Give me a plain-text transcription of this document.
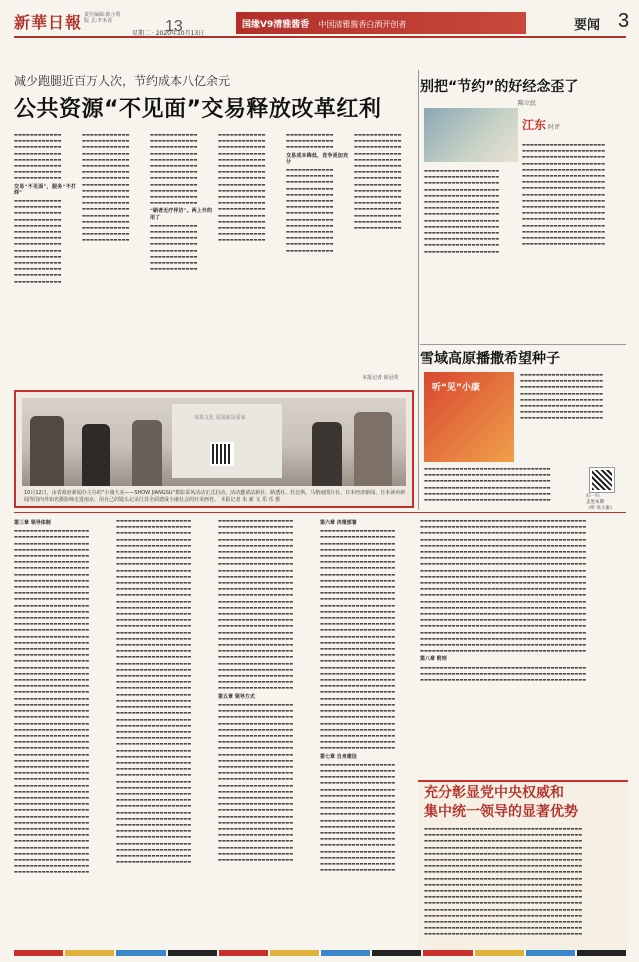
新華日報 责任编辑:陈小凯
版 式:李禾香
星期二 · 2020年10月13日
13	国缘V9清雅酱香 中国清雅酱香白酒开创者	要闻 3
减少跑腿近百万人次，节约成本八亿余元
公共资源“不见面”交易释放改革红利
▬▬▬▬▬▬▬▬▬▬▬▬ ▬▬▬▬▬▬▬▬▬▬▬▬ ▬▬▬▬▬▬▬▬▬▬▬▬ ▬▬▬▬▬▬▬▬▬▬▬▬ ▬▬▬▬▬▬▬▬▬▬▬▬ ▬▬▬▬▬▬▬▬▬▬▬▬ ▬▬▬▬▬▬▬▬▬▬▬▬ ▬▬▬▬▬▬▬▬▬▬▬▬
交易“不见面”，服务“不打烊”
▬▬▬▬▬▬▬▬▬▬▬▬ ▬▬▬▬▬▬▬▬▬▬▬▬ ▬▬▬▬▬▬▬▬▬▬▬▬ ▬▬▬▬▬▬▬▬▬▬▬▬ ▬▬▬▬▬▬▬▬▬▬▬▬ ▬▬▬▬▬▬▬▬▬▬▬▬ ▬▬▬▬▬▬▬▬▬▬▬▬ ▬▬▬▬▬▬▬▬▬▬▬▬ ▬▬▬▬▬▬▬▬▬▬▬▬ ▬▬▬▬▬▬▬▬▬▬▬▬ ▬▬▬▬▬▬▬▬▬▬▬▬ ▬▬▬▬▬▬▬▬▬▬▬▬ ▬▬▬▬▬▬▬▬▬▬▬▬ ▬▬▬▬▬▬▬▬▬▬▬▬
▬▬▬▬▬▬▬▬▬▬▬▬ ▬▬▬▬▬▬▬▬▬▬▬▬ ▬▬▬▬▬▬▬▬▬▬▬▬ ▬▬▬▬▬▬▬▬▬▬▬▬ ▬▬▬▬▬▬▬▬▬▬▬▬ ▬▬▬▬▬▬▬▬▬▬▬▬ ▬▬▬▬▬▬▬▬▬▬▬▬ ▬▬▬▬▬▬▬▬▬▬▬▬ ▬▬▬▬▬▬▬▬▬▬▬▬ ▬▬▬▬▬▬▬▬▬▬▬▬ ▬▬▬▬▬▬▬▬▬▬▬▬ ▬▬▬▬▬▬▬▬▬▬▬▬ ▬▬▬▬▬▬▬▬▬▬▬▬ ▬▬▬▬▬▬▬▬▬▬▬▬ ▬▬▬▬▬▬▬▬▬▬▬▬ ▬▬▬▬▬▬▬▬▬▬▬▬ ▬▬▬▬▬▬▬▬▬▬▬▬ ▬▬▬▬▬▬▬▬▬▬▬▬
▬▬▬▬▬▬▬▬▬▬▬▬ ▬▬▬▬▬▬▬▬▬▬▬▬ ▬▬▬▬▬▬▬▬▬▬▬▬ ▬▬▬▬▬▬▬▬▬▬▬▬ ▬▬▬▬▬▬▬▬▬▬▬▬ ▬▬▬▬▬▬▬▬▬▬▬▬ ▬▬▬▬▬▬▬▬▬▬▬▬ ▬▬▬▬▬▬▬▬▬▬▬▬ ▬▬▬▬▬▬▬▬▬▬▬▬ ▬▬▬▬▬▬▬▬▬▬▬▬ ▬▬▬▬▬▬▬▬▬▬▬▬ ▬▬▬▬▬▬▬▬▬▬▬▬
“刷者无疗伴访”。两上开的用了
▬▬▬▬▬▬▬▬▬▬▬▬ ▬▬▬▬▬▬▬▬▬▬▬▬ ▬▬▬▬▬▬▬▬▬▬▬▬ ▬▬▬▬▬▬▬▬▬▬▬▬ ▬▬▬▬▬▬▬▬▬▬▬▬ ▬▬▬▬▬▬▬▬▬▬▬▬ ▬▬▬▬▬▬▬▬▬▬▬▬ ▬▬▬▬▬▬▬▬▬▬▬▬
▬▬▬▬▬▬▬▬▬▬▬▬ ▬▬▬▬▬▬▬▬▬▬▬▬ ▬▬▬▬▬▬▬▬▬▬▬▬ ▬▬▬▬▬▬▬▬▬▬▬▬ ▬▬▬▬▬▬▬▬▬▬▬▬ ▬▬▬▬▬▬▬▬▬▬▬▬ ▬▬▬▬▬▬▬▬▬▬▬▬ ▬▬▬▬▬▬▬▬▬▬▬▬ ▬▬▬▬▬▬▬▬▬▬▬▬ ▬▬▬▬▬▬▬▬▬▬▬▬ ▬▬▬▬▬▬▬▬▬▬▬▬ ▬▬▬▬▬▬▬▬▬▬▬▬ ▬▬▬▬▬▬▬▬▬▬▬▬ ▬▬▬▬▬▬▬▬▬▬▬▬ ▬▬▬▬▬▬▬▬▬▬▬▬ ▬▬▬▬▬▬▬▬▬▬▬▬ ▬▬▬▬▬▬▬▬▬▬▬▬ ▬▬▬▬▬▬▬▬▬▬▬▬
▬▬▬▬▬▬▬▬▬▬▬▬ ▬▬▬▬▬▬▬▬▬▬▬▬ ▬▬▬▬▬▬▬▬▬▬▬▬
交易成本降低，竞争更加充分
▬▬▬▬▬▬▬▬▬▬▬▬ ▬▬▬▬▬▬▬▬▬▬▬▬ ▬▬▬▬▬▬▬▬▬▬▬▬ ▬▬▬▬▬▬▬▬▬▬▬▬ ▬▬▬▬▬▬▬▬▬▬▬▬ ▬▬▬▬▬▬▬▬▬▬▬▬ ▬▬▬▬▬▬▬▬▬▬▬▬ ▬▬▬▬▬▬▬▬▬▬▬▬ ▬▬▬▬▬▬▬▬▬▬▬▬ ▬▬▬▬▬▬▬▬▬▬▬▬ ▬▬▬▬▬▬▬▬▬▬▬▬ ▬▬▬▬▬▬▬▬▬▬▬▬ ▬▬▬▬▬▬▬▬▬▬▬▬ ▬▬▬▬▬▬▬▬▬▬▬▬
▬▬▬▬▬▬▬▬▬▬▬▬ ▬▬▬▬▬▬▬▬▬▬▬▬ ▬▬▬▬▬▬▬▬▬▬▬▬ ▬▬▬▬▬▬▬▬▬▬▬▬ ▬▬▬▬▬▬▬▬▬▬▬▬ ▬▬▬▬▬▬▬▬▬▬▬▬ ▬▬▬▬▬▬▬▬▬▬▬▬ ▬▬▬▬▬▬▬▬▬▬▬▬ ▬▬▬▬▬▬▬▬▬▬▬▬ ▬▬▬▬▬▬▬▬▬▬▬▬ ▬▬▬▬▬▬▬▬▬▬▬▬ ▬▬▬▬▬▬▬▬▬▬▬▬ ▬▬▬▬▬▬▬▬▬▬▬▬ ▬▬▬▬▬▬▬▬▬▬▬▬ ▬▬▬▬▬▬▬▬▬▬▬▬ ▬▬▬▬▬▬▬▬▬▬▬▬
本报记者 徐冠英
成果文化 爱国就是爱家
10月12日，由省政府新闻办主办的“小康大美——SHOW JIANGSU”摄影采风活动正式启动。活动邀请法新社、路透社、杜比斯、马格南图片社、日本经济新闻、日本读卖新闻等国内外知名摄影师走进南京，用自己的镜头记录江苏全面建成小康社会的壮美画卷。 本报记者 朱 新 文 乐 乐 摄
别把“节约”的好经念歪了
陈立民
江东 时评
▬▬▬▬▬▬▬▬▬▬▬▬▬▬▬▬▬▬▬▬▬ ▬▬▬▬▬▬▬▬▬▬▬▬▬▬▬▬▬▬▬▬▬ ▬▬▬▬▬▬▬▬▬▬▬▬▬▬▬▬▬▬▬▬▬ ▬▬▬▬▬▬▬▬▬▬▬▬▬▬▬▬▬▬▬▬▬ ▬▬▬▬▬▬▬▬▬▬▬▬▬▬▬▬▬▬▬▬▬ ▬▬▬▬▬▬▬▬▬▬▬▬▬▬▬▬▬▬▬▬▬ ▬▬▬▬▬▬▬▬▬▬▬▬▬▬▬▬▬▬▬▬▬ ▬▬▬▬▬▬▬▬▬▬▬▬▬▬▬▬▬▬▬▬▬ ▬▬▬▬▬▬▬▬▬▬▬▬▬▬▬▬▬▬▬▬▬ ▬▬▬▬▬▬▬▬▬▬▬▬▬▬▬▬▬▬▬▬▬ ▬▬▬▬▬▬▬▬▬▬▬▬▬▬▬▬▬▬▬▬▬ ▬▬▬▬▬▬▬▬▬▬▬▬▬▬▬▬▬▬▬▬▬ ▬▬▬▬▬▬▬▬▬▬▬▬▬▬▬▬▬▬▬▬▬ ▬▬▬▬▬▬▬▬▬▬▬▬▬▬▬▬▬▬▬▬▬ ▬▬▬▬▬▬▬▬▬▬▬▬▬▬▬▬▬▬▬▬▬ ▬▬▬▬▬▬▬▬▬▬▬▬▬▬▬▬▬▬▬▬▬ ▬▬▬▬▬▬▬▬▬▬▬▬▬▬▬▬▬▬▬▬▬
▬▬▬▬▬▬▬▬▬▬▬▬▬▬▬▬▬▬▬ ▬▬▬▬▬▬▬▬▬▬▬▬▬▬▬▬▬▬▬ ▬▬▬▬▬▬▬▬▬▬▬▬▬▬▬▬▬▬▬ ▬▬▬▬▬▬▬▬▬▬▬▬▬▬▬▬▬▬▬ ▬▬▬▬▬▬▬▬▬▬▬▬▬▬▬▬▬▬▬ ▬▬▬▬▬▬▬▬▬▬▬▬▬▬▬▬▬▬▬ ▬▬▬▬▬▬▬▬▬▬▬▬▬▬▬▬▬▬▬ ▬▬▬▬▬▬▬▬▬▬▬▬▬▬▬▬▬▬▬ ▬▬▬▬▬▬▬▬▬▬▬▬▬▬▬▬▬▬▬ ▬▬▬▬▬▬▬▬▬▬▬▬▬▬▬▬▬▬▬ ▬▬▬▬▬▬▬▬▬▬▬▬▬▬▬▬▬▬▬ ▬▬▬▬▬▬▬▬▬▬▬▬▬▬▬▬▬▬▬ ▬▬▬▬▬▬▬▬▬▬▬▬▬▬▬▬▬▬▬ ▬▬▬▬▬▬▬▬▬▬▬▬▬▬▬▬▬▬▬
雪域高原播撒希望种子
听“见”小康
▬▬▬▬▬▬▬▬▬▬▬▬▬▬▬▬▬▬▬▬▬ ▬▬▬▬▬▬▬▬▬▬▬▬▬▬▬▬▬▬▬▬▬ ▬▬▬▬▬▬▬▬▬▬▬▬▬▬▬▬▬▬▬▬▬ ▬▬▬▬▬▬▬▬▬▬▬▬▬▬▬▬▬▬▬▬▬ ▬▬▬▬▬▬▬▬▬▬▬▬▬▬▬▬▬▬▬▬▬ ▬▬▬▬▬▬▬▬▬▬▬▬▬▬▬▬▬▬▬▬▬ ▬▬▬▬▬▬▬▬▬▬▬▬▬▬▬▬▬▬▬▬▬ ▬▬▬▬▬▬▬▬▬▬▬▬▬▬▬▬▬▬▬▬▬
▬▬▬▬▬▬▬▬▬▬▬▬▬▬▬▬▬▬▬▬▬▬▬▬▬▬▬▬▬▬▬▬ ▬▬▬▬▬▬▬▬▬▬▬▬▬▬▬▬▬▬▬▬▬▬▬▬▬▬▬▬▬▬▬▬ ▬▬▬▬▬▬▬▬▬▬▬▬▬▬▬▬▬▬▬▬▬▬▬▬▬▬▬▬▬▬▬▬ ▬▬▬▬▬▬▬▬▬▬▬▬▬▬▬▬▬▬▬▬▬▬▬▬▬▬▬▬▬▬▬▬ ▬▬▬▬▬▬▬▬▬▬▬▬▬▬▬▬▬▬▬▬▬▬▬▬▬▬▬▬▬▬▬▬ ▬▬▬▬▬▬▬▬▬▬▬▬▬▬▬▬▬▬▬▬▬▬▬▬▬▬▬▬▬▬▬▬
扫一扫
走进本期
《听·见小康》
第三章 领导体制
▬▬▬▬▬▬▬▬▬▬▬▬▬▬▬▬▬▬▬ ▬▬▬▬▬▬▬▬▬▬▬▬▬▬▬▬▬▬▬ ▬▬▬▬▬▬▬▬▬▬▬▬▬▬▬▬▬▬▬ ▬▬▬▬▬▬▬▬▬▬▬▬▬▬▬▬▬▬▬ ▬▬▬▬▬▬▬▬▬▬▬▬▬▬▬▬▬▬▬ ▬▬▬▬▬▬▬▬▬▬▬▬▬▬▬▬▬▬▬ ▬▬▬▬▬▬▬▬▬▬▬▬▬▬▬▬▬▬▬ ▬▬▬▬▬▬▬▬▬▬▬▬▬▬▬▬▬▬▬ ▬▬▬▬▬▬▬▬▬▬▬▬▬▬▬▬▬▬▬ ▬▬▬▬▬▬▬▬▬▬▬▬▬▬▬▬▬▬▬ ▬▬▬▬▬▬▬▬▬▬▬▬▬▬▬▬▬▬▬ ▬▬▬▬▬▬▬▬▬▬▬▬▬▬▬▬▬▬▬ ▬▬▬▬▬▬▬▬▬▬▬▬▬▬▬▬▬▬▬ ▬▬▬▬▬▬▬▬▬▬▬▬▬▬▬▬▬▬▬ ▬▬▬▬▬▬▬▬▬▬▬▬▬▬▬▬▬▬▬ ▬▬▬▬▬▬▬▬▬▬▬▬▬▬▬▬▬▬▬ ▬▬▬▬▬▬▬▬▬▬▬▬▬▬▬▬▬▬▬ ▬▬▬▬▬▬▬▬▬▬▬▬▬▬▬▬▬▬▬ ▬▬▬▬▬▬▬▬▬▬▬▬▬▬▬▬▬▬▬ ▬▬▬▬▬▬▬▬▬▬▬▬▬▬▬▬▬▬▬ ▬▬▬▬▬▬▬▬▬▬▬▬▬▬▬▬▬▬▬ ▬▬▬▬▬▬▬▬▬▬▬▬▬▬▬▬▬▬▬ ▬▬▬▬▬▬▬▬▬▬▬▬▬▬▬▬▬▬▬ ▬▬▬▬▬▬▬▬▬▬▬▬▬▬▬▬▬▬▬ ▬▬▬▬▬▬▬▬▬▬▬▬▬▬▬▬▬▬▬ ▬▬▬▬▬▬▬▬▬▬▬▬▬▬▬▬▬▬▬ ▬▬▬▬▬▬▬▬▬▬▬▬▬▬▬▬▬▬▬ ▬▬▬▬▬▬▬▬▬▬▬▬▬▬▬▬▬▬▬ ▬▬▬▬▬▬▬▬▬▬▬▬▬▬▬▬▬▬▬ ▬▬▬▬▬▬▬▬▬▬▬▬▬▬▬▬▬▬▬ ▬▬▬▬▬▬▬▬▬▬▬▬▬▬▬▬▬▬▬ ▬▬▬▬▬▬▬▬▬▬▬▬▬▬▬▬▬▬▬ ▬▬▬▬▬▬▬▬▬▬▬▬▬▬▬▬▬▬▬ ▬▬▬▬▬▬▬▬▬▬▬▬▬▬▬▬▬▬▬ ▬▬▬▬▬▬▬▬▬▬▬▬▬▬▬▬▬▬▬ ▬▬▬▬▬▬▬▬▬▬▬▬▬▬▬▬▬▬▬ ▬▬▬▬▬▬▬▬▬▬▬▬▬▬▬▬▬▬▬ ▬▬▬▬▬▬▬▬▬▬▬▬▬▬▬▬▬▬▬ ▬▬▬▬▬▬▬▬▬▬▬▬▬▬▬▬▬▬▬ ▬▬▬▬▬▬▬▬▬▬▬▬▬▬▬▬▬▬▬ ▬▬▬▬▬▬▬▬▬▬▬▬▬▬▬▬▬▬▬ ▬▬▬▬▬▬▬▬▬▬▬▬▬▬▬▬▬▬▬ ▬▬▬▬▬▬▬▬▬▬▬▬▬▬▬▬▬▬▬ ▬▬▬▬▬▬▬▬▬▬▬▬▬▬▬▬▬▬▬ ▬▬▬▬▬▬▬▬▬▬▬▬▬▬▬▬▬▬▬ ▬▬▬▬▬▬▬▬▬▬▬▬▬▬▬▬▬▬▬ ▬▬▬▬▬▬▬▬▬▬▬▬▬▬▬▬▬▬▬ ▬▬▬▬▬▬▬▬▬▬▬▬▬▬▬▬▬▬▬ ▬▬▬▬▬▬▬▬▬▬▬▬▬▬▬▬▬▬▬ ▬▬▬▬▬▬▬▬▬▬▬▬▬▬▬▬▬▬▬ ▬▬▬▬▬▬▬▬▬▬▬▬▬▬▬▬▬▬▬ ▬▬▬▬▬▬▬▬▬▬▬▬▬▬▬▬▬▬▬ ▬▬▬▬▬▬▬▬▬▬▬▬▬▬▬▬▬▬▬ ▬▬▬▬▬▬▬▬▬▬▬▬▬▬▬▬▬▬▬ ▬▬▬▬▬▬▬▬▬▬▬▬▬▬▬▬▬▬▬ ▬▬▬▬▬▬▬▬▬▬▬▬▬▬▬▬▬▬▬
▬▬▬▬▬▬▬▬▬▬▬▬▬▬▬▬▬▬▬ ▬▬▬▬▬▬▬▬▬▬▬▬▬▬▬▬▬▬▬ ▬▬▬▬▬▬▬▬▬▬▬▬▬▬▬▬▬▬▬ ▬▬▬▬▬▬▬▬▬▬▬▬▬▬▬▬▬▬▬ ▬▬▬▬▬▬▬▬▬▬▬▬▬▬▬▬▬▬▬ ▬▬▬▬▬▬▬▬▬▬▬▬▬▬▬▬▬▬▬ ▬▬▬▬▬▬▬▬▬▬▬▬▬▬▬▬▬▬▬ ▬▬▬▬▬▬▬▬▬▬▬▬▬▬▬▬▬▬▬ ▬▬▬▬▬▬▬▬▬▬▬▬▬▬▬▬▬▬▬ ▬▬▬▬▬▬▬▬▬▬▬▬▬▬▬▬▬▬▬ ▬▬▬▬▬▬▬▬▬▬▬▬▬▬▬▬▬▬▬ ▬▬▬▬▬▬▬▬▬▬▬▬▬▬▬▬▬▬▬ ▬▬▬▬▬▬▬▬▬▬▬▬▬▬▬▬▬▬▬ ▬▬▬▬▬▬▬▬▬▬▬▬▬▬▬▬▬▬▬ ▬▬▬▬▬▬▬▬▬▬▬▬▬▬▬▬▬▬▬ ▬▬▬▬▬▬▬▬▬▬▬▬▬▬▬▬▬▬▬ ▬▬▬▬▬▬▬▬▬▬▬▬▬▬▬▬▬▬▬ ▬▬▬▬▬▬▬▬▬▬▬▬▬▬▬▬▬▬▬ ▬▬▬▬▬▬▬▬▬▬▬▬▬▬▬▬▬▬▬ ▬▬▬▬▬▬▬▬▬▬▬▬▬▬▬▬▬▬▬ ▬▬▬▬▬▬▬▬▬▬▬▬▬▬▬▬▬▬▬ ▬▬▬▬▬▬▬▬▬▬▬▬▬▬▬▬▬▬▬ ▬▬▬▬▬▬▬▬▬▬▬▬▬▬▬▬▬▬▬ ▬▬▬▬▬▬▬▬▬▬▬▬▬▬▬▬▬▬▬ ▬▬▬▬▬▬▬▬▬▬▬▬▬▬▬▬▬▬▬ ▬▬▬▬▬▬▬▬▬▬▬▬▬▬▬▬▬▬▬ ▬▬▬▬▬▬▬▬▬▬▬▬▬▬▬▬▬▬▬ ▬▬▬▬▬▬▬▬▬▬▬▬▬▬▬▬▬▬▬ ▬▬▬▬▬▬▬▬▬▬▬▬▬▬▬▬▬▬▬ ▬▬▬▬▬▬▬▬▬▬▬▬▬▬▬▬▬▬▬ ▬▬▬▬▬▬▬▬▬▬▬▬▬▬▬▬▬▬▬ ▬▬▬▬▬▬▬▬▬▬▬▬▬▬▬▬▬▬▬ ▬▬▬▬▬▬▬▬▬▬▬▬▬▬▬▬▬▬▬ ▬▬▬▬▬▬▬▬▬▬▬▬▬▬▬▬▬▬▬ ▬▬▬▬▬▬▬▬▬▬▬▬▬▬▬▬▬▬▬ ▬▬▬▬▬▬▬▬▬▬▬▬▬▬▬▬▬▬▬ ▬▬▬▬▬▬▬▬▬▬▬▬▬▬▬▬▬▬▬ ▬▬▬▬▬▬▬▬▬▬▬▬▬▬▬▬▬▬▬ ▬▬▬▬▬▬▬▬▬▬▬▬▬▬▬▬▬▬▬ ▬▬▬▬▬▬▬▬▬▬▬▬▬▬▬▬▬▬▬ ▬▬▬▬▬▬▬▬▬▬▬▬▬▬▬▬▬▬▬ ▬▬▬▬▬▬▬▬▬▬▬▬▬▬▬▬▬▬▬ ▬▬▬▬▬▬▬▬▬▬▬▬▬▬▬▬▬▬▬ ▬▬▬▬▬▬▬▬▬▬▬▬▬▬▬▬▬▬▬ ▬▬▬▬▬▬▬▬▬▬▬▬▬▬▬▬▬▬▬ ▬▬▬▬▬▬▬▬▬▬▬▬▬▬▬▬▬▬▬ ▬▬▬▬▬▬▬▬▬▬▬▬▬▬▬▬▬▬▬ ▬▬▬▬▬▬▬▬▬▬▬▬▬▬▬▬▬▬▬ ▬▬▬▬▬▬▬▬▬▬▬▬▬▬▬▬▬▬▬ ▬▬▬▬▬▬▬▬▬▬▬▬▬▬▬▬▬▬▬ ▬▬▬▬▬▬▬▬▬▬▬▬▬▬▬▬▬▬▬ ▬▬▬▬▬▬▬▬▬▬▬▬▬▬▬▬▬▬▬ ▬▬▬▬▬▬▬▬▬▬▬▬▬▬▬▬▬▬▬ ▬▬▬▬▬▬▬▬▬▬▬▬▬▬▬▬▬▬▬ ▬▬▬▬▬▬▬▬▬▬▬▬▬▬▬▬▬▬▬ ▬▬▬▬▬▬▬▬▬▬▬▬▬▬▬▬▬▬▬
▬▬▬▬▬▬▬▬▬▬▬▬▬▬▬▬▬▬▬ ▬▬▬▬▬▬▬▬▬▬▬▬▬▬▬▬▬▬▬ ▬▬▬▬▬▬▬▬▬▬▬▬▬▬▬▬▬▬▬ ▬▬▬▬▬▬▬▬▬▬▬▬▬▬▬▬▬▬▬ ▬▬▬▬▬▬▬▬▬▬▬▬▬▬▬▬▬▬▬ ▬▬▬▬▬▬▬▬▬▬▬▬▬▬▬▬▬▬▬ ▬▬▬▬▬▬▬▬▬▬▬▬▬▬▬▬▬▬▬ ▬▬▬▬▬▬▬▬▬▬▬▬▬▬▬▬▬▬▬ ▬▬▬▬▬▬▬▬▬▬▬▬▬▬▬▬▬▬▬ ▬▬▬▬▬▬▬▬▬▬▬▬▬▬▬▬▬▬▬ ▬▬▬▬▬▬▬▬▬▬▬▬▬▬▬▬▬▬▬ ▬▬▬▬▬▬▬▬▬▬▬▬▬▬▬▬▬▬▬ ▬▬▬▬▬▬▬▬▬▬▬▬▬▬▬▬▬▬▬ ▬▬▬▬▬▬▬▬▬▬▬▬▬▬▬▬▬▬▬ ▬▬▬▬▬▬▬▬▬▬▬▬▬▬▬▬▬▬▬ ▬▬▬▬▬▬▬▬▬▬▬▬▬▬▬▬▬▬▬ ▬▬▬▬▬▬▬▬▬▬▬▬▬▬▬▬▬▬▬ ▬▬▬▬▬▬▬▬▬▬▬▬▬▬▬▬▬▬▬ ▬▬▬▬▬▬▬▬▬▬▬▬▬▬▬▬▬▬▬ ▬▬▬▬▬▬▬▬▬▬▬▬▬▬▬▬▬▬▬ ▬▬▬▬▬▬▬▬▬▬▬▬▬▬▬▬▬▬▬ ▬▬▬▬▬▬▬▬▬▬▬▬▬▬▬▬▬▬▬ ▬▬▬▬▬▬▬▬▬▬▬▬▬▬▬▬▬▬▬ ▬▬▬▬▬▬▬▬▬▬▬▬▬▬▬▬▬▬▬ ▬▬▬▬▬▬▬▬▬▬▬▬▬▬▬▬▬▬▬ ▬▬▬▬▬▬▬▬▬▬▬▬▬▬▬▬▬▬▬ ▬▬▬▬▬▬▬▬▬▬▬▬▬▬▬▬▬▬▬ ▬▬▬▬▬▬▬▬▬▬▬▬▬▬▬▬▬▬▬
第五章 领导方式
▬▬▬▬▬▬▬▬▬▬▬▬▬▬▬▬▬▬▬ ▬▬▬▬▬▬▬▬▬▬▬▬▬▬▬▬▬▬▬ ▬▬▬▬▬▬▬▬▬▬▬▬▬▬▬▬▬▬▬ ▬▬▬▬▬▬▬▬▬▬▬▬▬▬▬▬▬▬▬ ▬▬▬▬▬▬▬▬▬▬▬▬▬▬▬▬▬▬▬ ▬▬▬▬▬▬▬▬▬▬▬▬▬▬▬▬▬▬▬ ▬▬▬▬▬▬▬▬▬▬▬▬▬▬▬▬▬▬▬ ▬▬▬▬▬▬▬▬▬▬▬▬▬▬▬▬▬▬▬ ▬▬▬▬▬▬▬▬▬▬▬▬▬▬▬▬▬▬▬ ▬▬▬▬▬▬▬▬▬▬▬▬▬▬▬▬▬▬▬ ▬▬▬▬▬▬▬▬▬▬▬▬▬▬▬▬▬▬▬ ▬▬▬▬▬▬▬▬▬▬▬▬▬▬▬▬▬▬▬ ▬▬▬▬▬▬▬▬▬▬▬▬▬▬▬▬▬▬▬ ▬▬▬▬▬▬▬▬▬▬▬▬▬▬▬▬▬▬▬ ▬▬▬▬▬▬▬▬▬▬▬▬▬▬▬▬▬▬▬ ▬▬▬▬▬▬▬▬▬▬▬▬▬▬▬▬▬▬▬ ▬▬▬▬▬▬▬▬▬▬▬▬▬▬▬▬▬▬▬ ▬▬▬▬▬▬▬▬▬▬▬▬▬▬▬▬▬▬▬ ▬▬▬▬▬▬▬▬▬▬▬▬▬▬▬▬▬▬▬ ▬▬▬▬▬▬▬▬▬▬▬▬▬▬▬▬▬▬▬ ▬▬▬▬▬▬▬▬▬▬▬▬▬▬▬▬▬▬▬ ▬▬▬▬▬▬▬▬▬▬▬▬▬▬▬▬▬▬▬ ▬▬▬▬▬▬▬▬▬▬▬▬▬▬▬▬▬▬▬ ▬▬▬▬▬▬▬▬▬▬▬▬▬▬▬▬▬▬▬ ▬▬▬▬▬▬▬▬▬▬▬▬▬▬▬▬▬▬▬ ▬▬▬▬▬▬▬▬▬▬▬▬▬▬▬▬▬▬▬
第六章 决策部署
▬▬▬▬▬▬▬▬▬▬▬▬▬▬▬▬▬▬▬ ▬▬▬▬▬▬▬▬▬▬▬▬▬▬▬▬▬▬▬ ▬▬▬▬▬▬▬▬▬▬▬▬▬▬▬▬▬▬▬ ▬▬▬▬▬▬▬▬▬▬▬▬▬▬▬▬▬▬▬ ▬▬▬▬▬▬▬▬▬▬▬▬▬▬▬▬▬▬▬ ▬▬▬▬▬▬▬▬▬▬▬▬▬▬▬▬▬▬▬ ▬▬▬▬▬▬▬▬▬▬▬▬▬▬▬▬▬▬▬ ▬▬▬▬▬▬▬▬▬▬▬▬▬▬▬▬▬▬▬ ▬▬▬▬▬▬▬▬▬▬▬▬▬▬▬▬▬▬▬ ▬▬▬▬▬▬▬▬▬▬▬▬▬▬▬▬▬▬▬ ▬▬▬▬▬▬▬▬▬▬▬▬▬▬▬▬▬▬▬ ▬▬▬▬▬▬▬▬▬▬▬▬▬▬▬▬▬▬▬ ▬▬▬▬▬▬▬▬▬▬▬▬▬▬▬▬▬▬▬ ▬▬▬▬▬▬▬▬▬▬▬▬▬▬▬▬▬▬▬ ▬▬▬▬▬▬▬▬▬▬▬▬▬▬▬▬▬▬▬ ▬▬▬▬▬▬▬▬▬▬▬▬▬▬▬▬▬▬▬ ▬▬▬▬▬▬▬▬▬▬▬▬▬▬▬▬▬▬▬ ▬▬▬▬▬▬▬▬▬▬▬▬▬▬▬▬▬▬▬ ▬▬▬▬▬▬▬▬▬▬▬▬▬▬▬▬▬▬▬ ▬▬▬▬▬▬▬▬▬▬▬▬▬▬▬▬▬▬▬ ▬▬▬▬▬▬▬▬▬▬▬▬▬▬▬▬▬▬▬ ▬▬▬▬▬▬▬▬▬▬▬▬▬▬▬▬▬▬▬ ▬▬▬▬▬▬▬▬▬▬▬▬▬▬▬▬▬▬▬ ▬▬▬▬▬▬▬▬▬▬▬▬▬▬▬▬▬▬▬ ▬▬▬▬▬▬▬▬▬▬▬▬▬▬▬▬▬▬▬ ▬▬▬▬▬▬▬▬▬▬▬▬▬▬▬▬▬▬▬ ▬▬▬▬▬▬▬▬▬▬▬▬▬▬▬▬▬▬▬ ▬▬▬▬▬▬▬▬▬▬▬▬▬▬▬▬▬▬▬ ▬▬▬▬▬▬▬▬▬▬▬▬▬▬▬▬▬▬▬ ▬▬▬▬▬▬▬▬▬▬▬▬▬▬▬▬▬▬▬ ▬▬▬▬▬▬▬▬▬▬▬▬▬▬▬▬▬▬▬ ▬▬▬▬▬▬▬▬▬▬▬▬▬▬▬▬▬▬▬ ▬▬▬▬▬▬▬▬▬▬▬▬▬▬▬▬▬▬▬ ▬▬▬▬▬▬▬▬▬▬▬▬▬▬▬▬▬▬▬ ▬▬▬▬▬▬▬▬▬▬▬▬▬▬▬▬▬▬▬ ▬▬▬▬▬▬▬▬▬▬▬▬▬▬▬▬▬▬▬
第七章 自身建设
▬▬▬▬▬▬▬▬▬▬▬▬▬▬▬▬▬▬▬ ▬▬▬▬▬▬▬▬▬▬▬▬▬▬▬▬▬▬▬ ▬▬▬▬▬▬▬▬▬▬▬▬▬▬▬▬▬▬▬ ▬▬▬▬▬▬▬▬▬▬▬▬▬▬▬▬▬▬▬ ▬▬▬▬▬▬▬▬▬▬▬▬▬▬▬▬▬▬▬ ▬▬▬▬▬▬▬▬▬▬▬▬▬▬▬▬▬▬▬ ▬▬▬▬▬▬▬▬▬▬▬▬▬▬▬▬▬▬▬ ▬▬▬▬▬▬▬▬▬▬▬▬▬▬▬▬▬▬▬ ▬▬▬▬▬▬▬▬▬▬▬▬▬▬▬▬▬▬▬ ▬▬▬▬▬▬▬▬▬▬▬▬▬▬▬▬▬▬▬ ▬▬▬▬▬▬▬▬▬▬▬▬▬▬▬▬▬▬▬ ▬▬▬▬▬▬▬▬▬▬▬▬▬▬▬▬▬▬▬ ▬▬▬▬▬▬▬▬▬▬▬▬▬▬▬▬▬▬▬ ▬▬▬▬▬▬▬▬▬▬▬▬▬▬▬▬▬▬▬ ▬▬▬▬▬▬▬▬▬▬▬▬▬▬▬▬▬▬▬ ▬▬▬▬▬▬▬▬▬▬▬▬▬▬▬▬▬▬▬ ▬▬▬▬▬▬▬▬▬▬▬▬▬▬▬▬▬▬▬ ▬▬▬▬▬▬▬▬▬▬▬▬▬▬▬▬▬▬▬
▬▬▬▬▬▬▬▬▬▬▬▬▬▬▬▬▬▬▬▬▬▬▬▬▬▬▬▬▬▬▬▬▬▬▬▬▬▬▬▬▬▬ ▬▬▬▬▬▬▬▬▬▬▬▬▬▬▬▬▬▬▬▬▬▬▬▬▬▬▬▬▬▬▬▬▬▬▬▬▬▬▬▬▬▬ ▬▬▬▬▬▬▬▬▬▬▬▬▬▬▬▬▬▬▬▬▬▬▬▬▬▬▬▬▬▬▬▬▬▬▬▬▬▬▬▬▬▬ ▬▬▬▬▬▬▬▬▬▬▬▬▬▬▬▬▬▬▬▬▬▬▬▬▬▬▬▬▬▬▬▬▬▬▬▬▬▬▬▬▬▬ ▬▬▬▬▬▬▬▬▬▬▬▬▬▬▬▬▬▬▬▬▬▬▬▬▬▬▬▬▬▬▬▬▬▬▬▬▬▬▬▬▬▬ ▬▬▬▬▬▬▬▬▬▬▬▬▬▬▬▬▬▬▬▬▬▬▬▬▬▬▬▬▬▬▬▬▬▬▬▬▬▬▬▬▬▬ ▬▬▬▬▬▬▬▬▬▬▬▬▬▬▬▬▬▬▬▬▬▬▬▬▬▬▬▬▬▬▬▬▬▬▬▬▬▬▬▬▬▬ ▬▬▬▬▬▬▬▬▬▬▬▬▬▬▬▬▬▬▬▬▬▬▬▬▬▬▬▬▬▬▬▬▬▬▬▬▬▬▬▬▬▬ ▬▬▬▬▬▬▬▬▬▬▬▬▬▬▬▬▬▬▬▬▬▬▬▬▬▬▬▬▬▬▬▬▬▬▬▬▬▬▬▬▬▬ ▬▬▬▬▬▬▬▬▬▬▬▬▬▬▬▬▬▬▬▬▬▬▬▬▬▬▬▬▬▬▬▬▬▬▬▬▬▬▬▬▬▬ ▬▬▬▬▬▬▬▬▬▬▬▬▬▬▬▬▬▬▬▬▬▬▬▬▬▬▬▬▬▬▬▬▬▬▬▬▬▬▬▬▬▬ ▬▬▬▬▬▬▬▬▬▬▬▬▬▬▬▬▬▬▬▬▬▬▬▬▬▬▬▬▬▬▬▬▬▬▬▬▬▬▬▬▬▬ ▬▬▬▬▬▬▬▬▬▬▬▬▬▬▬▬▬▬▬▬▬▬▬▬▬▬▬▬▬▬▬▬▬▬▬▬▬▬▬▬▬▬ ▬▬▬▬▬▬▬▬▬▬▬▬▬▬▬▬▬▬▬▬▬▬▬▬▬▬▬▬▬▬▬▬▬▬▬▬▬▬▬▬▬▬ ▬▬▬▬▬▬▬▬▬▬▬▬▬▬▬▬▬▬▬▬▬▬▬▬▬▬▬▬▬▬▬▬▬▬▬▬▬▬▬▬▬▬ ▬▬▬▬▬▬▬▬▬▬▬▬▬▬▬▬▬▬▬▬▬▬▬▬▬▬▬▬▬▬▬▬▬▬▬▬▬▬▬▬▬▬ ▬▬▬▬▬▬▬▬▬▬▬▬▬▬▬▬▬▬▬▬▬▬▬▬▬▬▬▬▬▬▬▬▬▬▬▬▬▬▬▬▬▬ ▬▬▬▬▬▬▬▬▬▬▬▬▬▬▬▬▬▬▬▬▬▬▬▬▬▬▬▬▬▬▬▬▬▬▬▬▬▬▬▬▬▬ ▬▬▬▬▬▬▬▬▬▬▬▬▬▬▬▬▬▬▬▬▬▬▬▬▬▬▬▬▬▬▬▬▬▬▬▬▬▬▬▬▬▬ ▬▬▬▬▬▬▬▬▬▬▬▬▬▬▬▬▬▬▬▬▬▬▬▬▬▬▬▬▬▬▬▬▬▬▬▬▬▬▬▬▬▬ ▬▬▬▬▬▬▬▬▬▬▬▬▬▬▬▬▬▬▬▬▬▬▬▬▬▬▬▬▬▬▬▬▬▬▬▬▬▬▬▬▬▬ ▬▬▬▬▬▬▬▬▬▬▬▬▬▬▬▬▬▬▬▬▬▬▬▬▬▬▬▬▬▬▬▬▬▬▬▬▬▬▬▬▬▬
第八章 附则
▬▬▬▬▬▬▬▬▬▬▬▬▬▬▬▬▬▬▬▬▬▬▬▬▬▬▬▬▬▬▬▬▬▬▬▬▬▬▬▬▬▬ ▬▬▬▬▬▬▬▬▬▬▬▬▬▬▬▬▬▬▬▬▬▬▬▬▬▬▬▬▬▬▬▬▬▬▬▬▬▬▬▬▬▬ ▬▬▬▬▬▬▬▬▬▬▬▬▬▬▬▬▬▬▬▬▬▬▬▬▬▬▬▬▬▬▬▬▬▬▬▬▬▬▬▬▬▬
充分彰显党中央权威和
集中统一领导的显著优势
▬▬▬▬▬▬▬▬▬▬▬▬▬▬▬▬▬▬▬▬▬▬▬▬▬▬▬▬▬▬▬▬▬▬▬▬▬▬▬▬ ▬▬▬▬▬▬▬▬▬▬▬▬▬▬▬▬▬▬▬▬▬▬▬▬▬▬▬▬▬▬▬▬▬▬▬▬▬▬▬▬ ▬▬▬▬▬▬▬▬▬▬▬▬▬▬▬▬▬▬▬▬▬▬▬▬▬▬▬▬▬▬▬▬▬▬▬▬▬▬▬▬ ▬▬▬▬▬▬▬▬▬▬▬▬▬▬▬▬▬▬▬▬▬▬▬▬▬▬▬▬▬▬▬▬▬▬▬▬▬▬▬▬ ▬▬▬▬▬▬▬▬▬▬▬▬▬▬▬▬▬▬▬▬▬▬▬▬▬▬▬▬▬▬▬▬▬▬▬▬▬▬▬▬ ▬▬▬▬▬▬▬▬▬▬▬▬▬▬▬▬▬▬▬▬▬▬▬▬▬▬▬▬▬▬▬▬▬▬▬▬▬▬▬▬ ▬▬▬▬▬▬▬▬▬▬▬▬▬▬▬▬▬▬▬▬▬▬▬▬▬▬▬▬▬▬▬▬▬▬▬▬▬▬▬▬ ▬▬▬▬▬▬▬▬▬▬▬▬▬▬▬▬▬▬▬▬▬▬▬▬▬▬▬▬▬▬▬▬▬▬▬▬▬▬▬▬ ▬▬▬▬▬▬▬▬▬▬▬▬▬▬▬▬▬▬▬▬▬▬▬▬▬▬▬▬▬▬▬▬▬▬▬▬▬▬▬▬ ▬▬▬▬▬▬▬▬▬▬▬▬▬▬▬▬▬▬▬▬▬▬▬▬▬▬▬▬▬▬▬▬▬▬▬▬▬▬▬▬ ▬▬▬▬▬▬▬▬▬▬▬▬▬▬▬▬▬▬▬▬▬▬▬▬▬▬▬▬▬▬▬▬▬▬▬▬▬▬▬▬ ▬▬▬▬▬▬▬▬▬▬▬▬▬▬▬▬▬▬▬▬▬▬▬▬▬▬▬▬▬▬▬▬▬▬▬▬▬▬▬▬ ▬▬▬▬▬▬▬▬▬▬▬▬▬▬▬▬▬▬▬▬▬▬▬▬▬▬▬▬▬▬▬▬▬▬▬▬▬▬▬▬ ▬▬▬▬▬▬▬▬▬▬▬▬▬▬▬▬▬▬▬▬▬▬▬▬▬▬▬▬▬▬▬▬▬▬▬▬▬▬▬▬ ▬▬▬▬▬▬▬▬▬▬▬▬▬▬▬▬▬▬▬▬▬▬▬▬▬▬▬▬▬▬▬▬▬▬▬▬▬▬▬▬ ▬▬▬▬▬▬▬▬▬▬▬▬▬▬▬▬▬▬▬▬▬▬▬▬▬▬▬▬▬▬▬▬▬▬▬▬▬▬▬▬ ▬▬▬▬▬▬▬▬▬▬▬▬▬▬▬▬▬▬▬▬▬▬▬▬▬▬▬▬▬▬▬▬▬▬▬▬▬▬▬▬ ▬▬▬▬▬▬▬▬▬▬▬▬▬▬▬▬▬▬▬▬▬▬▬▬▬▬▬▬▬▬▬▬▬▬▬▬▬▬▬▬
